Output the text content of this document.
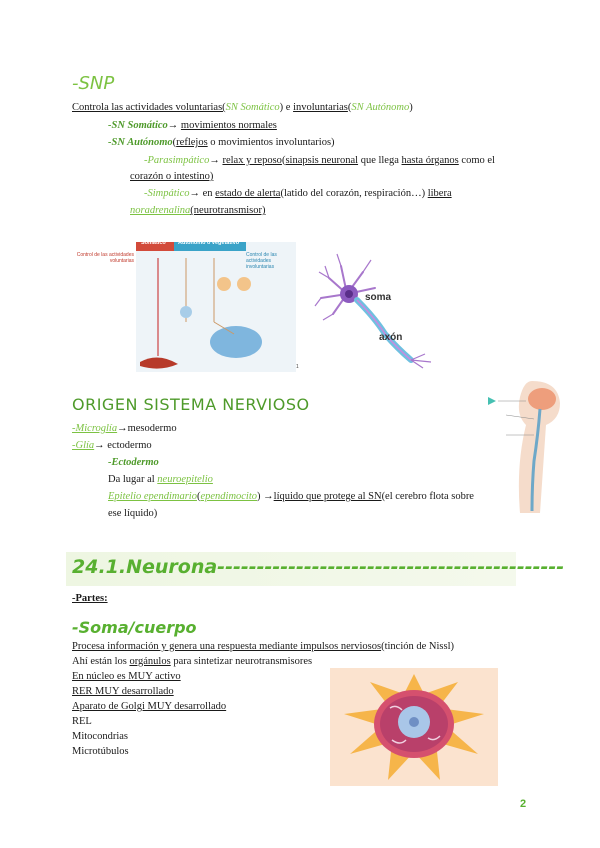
-SNP
Controla las actividades voluntarias(SN Somático) e involuntarias(SN Autónomo)
-SN Somático→ movimientos normales
-SN Autónomo(reflejos o movimientos involuntarios)
-Parasimpático→ relax y reposo(sinapsis neuronal que llega hasta órganos como el
corazón o intestino)
-Simpático→ en estado de alerta(latido del corazón, respiración…) libera
noradrenalina(neurotransmisor)
Somático Autónomo o vegetativo
Control de las actividades voluntarias
Control de las actividades involuntarias
1
soma
axón
ORIGEN SISTEMA NERVIOSO
-Microglía→mesodermo
-Glía→ ectodermo
-Ectodermo
Da lugar al neuroepitelio
Epitelio ependimario(ependimocito) →líquido que protege al SN(el cerebro flota sobre
ese líquido)
24.1.Neurona--------------------------------------------
-Partes:
-Soma/cuerpo
Procesa información y genera una respuesta mediante impulsos nerviosos(tinción de Nissl)
Ahí están los orgánulos para sintetizar neurotransmisores
En núcleo es MUY activo
RER MUY desarrollado
Aparato de Golgi MUY desarrollado
REL
Mitocondrias
Microtúbulos
2
